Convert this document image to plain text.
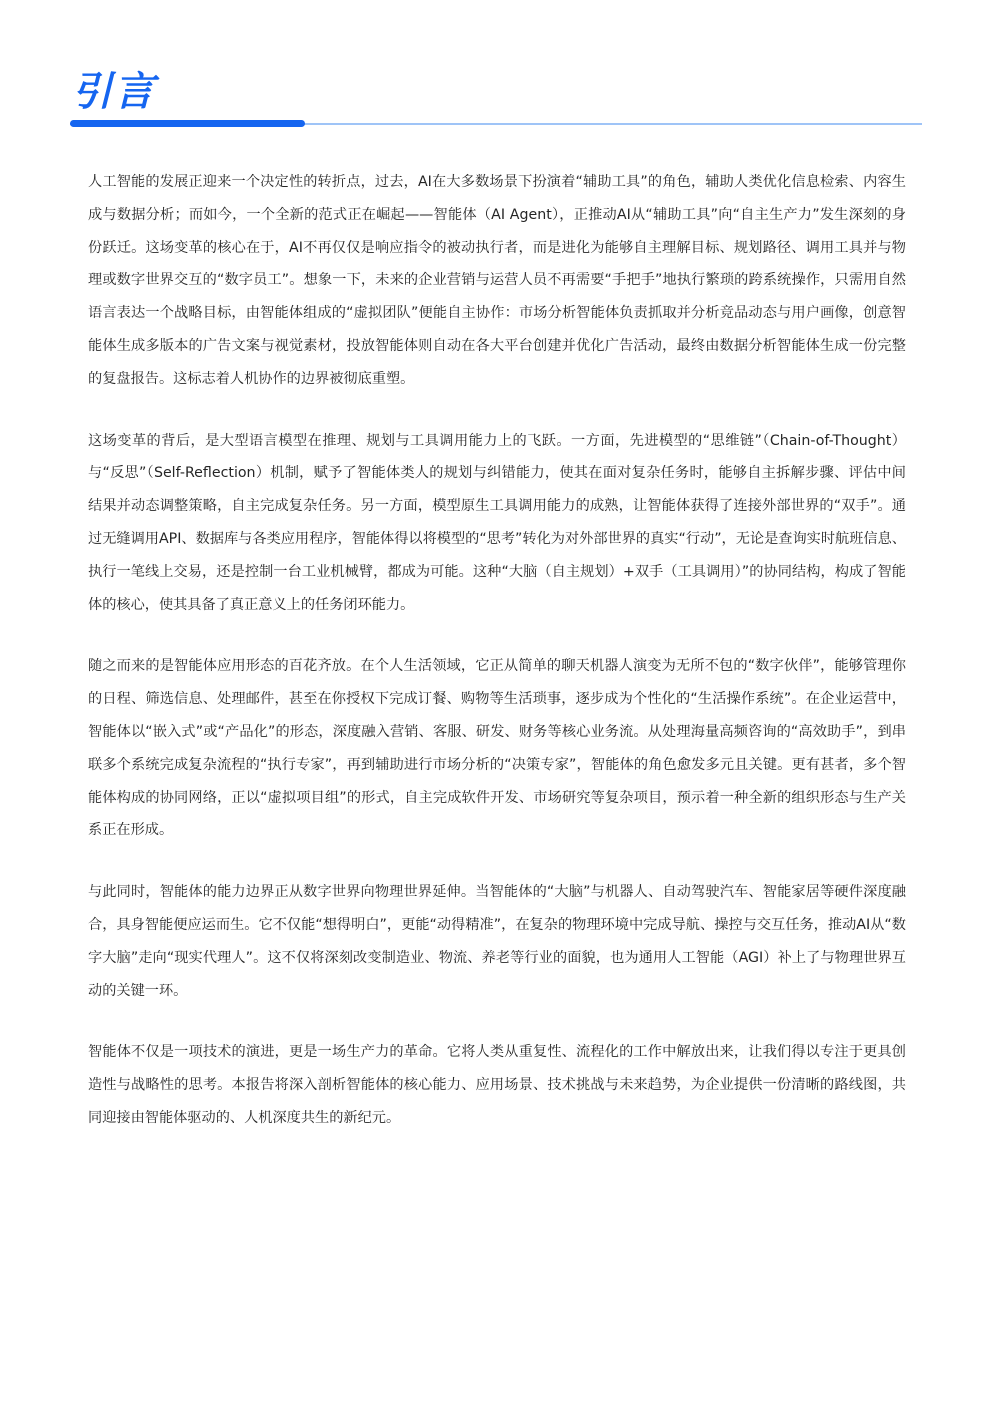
引言

人工智能的发展正迎来一个决定性的转折点，过去，AI在大多数场景下扮演着“辅助工具”的角色，辅助人类优化信息检索、内容生成与数据分析；而如今，一个全新的范式正在崛起——智能体（AI Agent），正推动AI从“辅助工具”向“自主生产力”发生深刻的身份跃迁。这场变革的核心在于，AI不再仅仅是响应指令的被动执行者，而是进化为能够自主理解目标、规划路径、调用工具并与物理或数字世界交互的“数字员工”。想象一下，未来的企业营销与运营人员不再需要“手把手”地执行繁琐的跨系统操作，只需用自然语言表达一个战略目标，由智能体组成的“虚拟团队”便能自主协作：市场分析智能体负责抓取并分析竞品动态与用户画像，创意智能体生成多版本的广告文案与视觉素材，投放智能体则自动在各大平台创建并优化广告活动，最终由数据分析智能体生成一份完整的复盘报告。这标志着人机协作的边界被彻底重塑。

这场变革的背后，是大型语言模型在推理、规划与工具调用能力上的飞跃。一方面，先进模型的“思维链”（Chain-of-Thought）与“反思”（Self-Reflection）机制，赋予了智能体类人的规划与纠错能力，使其在面对复杂任务时，能够自主拆解步骤、评估中间结果并动态调整策略，自主完成复杂任务。另一方面，模型原生工具调用能力的成熟，让智能体获得了连接外部世界的“双手”。通过无缝调用API、数据库与各类应用程序，智能体得以将模型的“思考”转化为对外部世界的真实“行动”，无论是查询实时航班信息、执行一笔线上交易，还是控制一台工业机械臂，都成为可能。这种“大脑（自主规划）+双手（工具调用）”的协同结构，构成了智能体的核心，使其具备了真正意义上的任务闭环能力。

随之而来的是智能体应用形态的百花齐放。在个人生活领域，它正从简单的聊天机器人演变为无所不包的“数字伙伴”，能够管理你的日程、筛选信息、处理邮件，甚至在你授权下完成订餐、购物等生活琐事，逐步成为个性化的“生活操作系统”。在企业运营中，智能体以“嵌入式”或“产品化”的形态，深度融入营销、客服、研发、财务等核心业务流。从处理海量高频咨询的“高效助手”，到串联多个系统完成复杂流程的“执行专家”，再到辅助进行市场分析的“决策专家”，智能体的角色愈发多元且关键。更有甚者，多个智能体构成的协同网络，正以“虚拟项目组”的形式，自主完成软件开发、市场研究等复杂项目，预示着一种全新的组织形态与生产关系正在形成。

与此同时，智能体的能力边界正从数字世界向物理世界延伸。当智能体的“大脑”与机器人、自动驾驶汽车、智能家居等硬件深度融合，具身智能便应运而生。它不仅能“想得明白”，更能“动得精准”，在复杂的物理环境中完成导航、操控与交互任务，推动AI从“数字大脑”走向“现实代理人”。这不仅将深刻改变制造业、物流、养老等行业的面貌，也为通用人工智能（AGI）补上了与物理世界互动的关键一环。

智能体不仅是一项技术的演进，更是一场生产力的革命。它将人类从重复性、流程化的工作中解放出来，让我们得以专注于更具创造性与战略性的思考。本报告将深入剖析智能体的核心能力、应用场景、技术挑战与未来趋势，为企业提供一份清晰的路线图，共同迎接由智能体驱动的、人机深度共生的新纪元。
